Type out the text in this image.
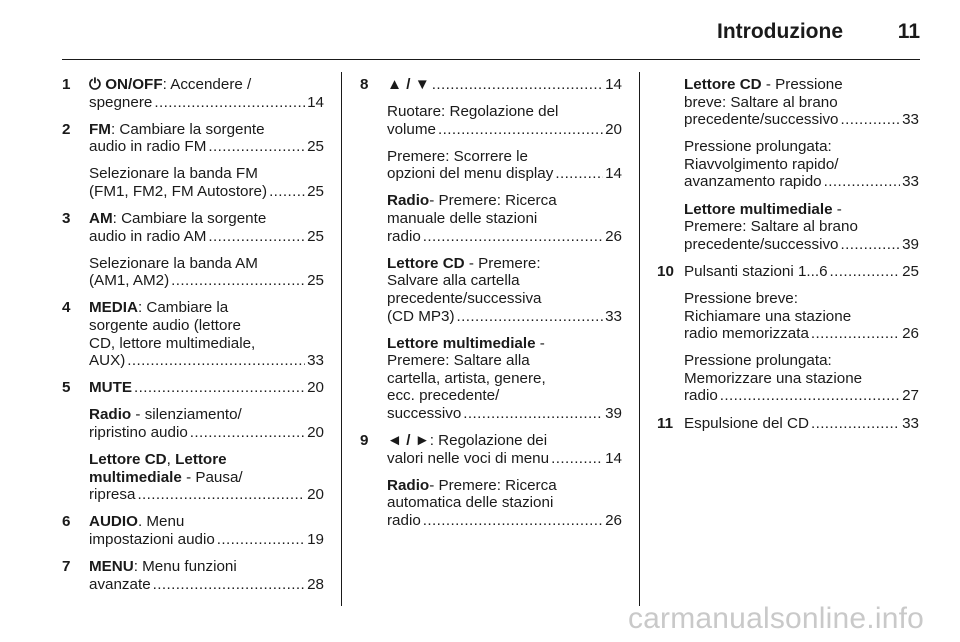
Introduzione	11
1	⏻ ON/OFF: Accendere /
spegnere .....	14
2	FM: Cambiare la sorgente
audio in radio FM .....	25
Selezionare la banda FM
(FM1, FM2, FM Autostore) .....	25
3	AM: Cambiare la sorgente
audio in radio AM .....	25
Selezionare la banda AM
(AM1, AM2) .....	25
4	MEDIA: Cambiare la
sorgente audio (lettore
CD, lettore multimediale,
AUX) .....	33
5	MUTE .....	20
Radio - silenziamento/
ripristino audio .....	20
Lettore CD, Lettore
multimediale - Pausa/
ripresa .....	20
6	AUDIO. Menu
impostazioni audio .....	19
7	MENU: Menu funzioni
avanzate .....	28
8	▲ / ▼ .....	14
Ruotare: Regolazione del
volume .....	20
Premere: Scorrere le
opzioni del menu display .....	14
Radio- Premere: Ricerca
manuale delle stazioni
radio .....	26
Lettore CD - Premere:
Salvare alla cartella
precedente/successiva
(CD MP3) .....	33
Lettore multimediale -
Premere: Saltare alla
cartella, artista, genere,
ecc. precedente/
successivo .....	39
9	◄ / ►: Regolazione dei
valori nelle voci di menu .....	14
Radio- Premere: Ricerca
automatica delle stazioni
radio .....	26
Lettore CD - Pressione
breve: Saltare al brano
precedente/successivo .....	33
Pressione prolungata:
Riavvolgimento rapido/
avanzamento rapido .....	33
Lettore multimediale -
Premere: Saltare al brano
precedente/successivo .....	39
10 Pulsanti stazioni 1...6 .....	25
Pressione breve:
Richiamare una stazione
radio memorizzata .....	26
Pressione prolungata:
Memorizzare una stazione
radio .....	27
11 Espulsione del CD .....	33
carmanualsonline.info
